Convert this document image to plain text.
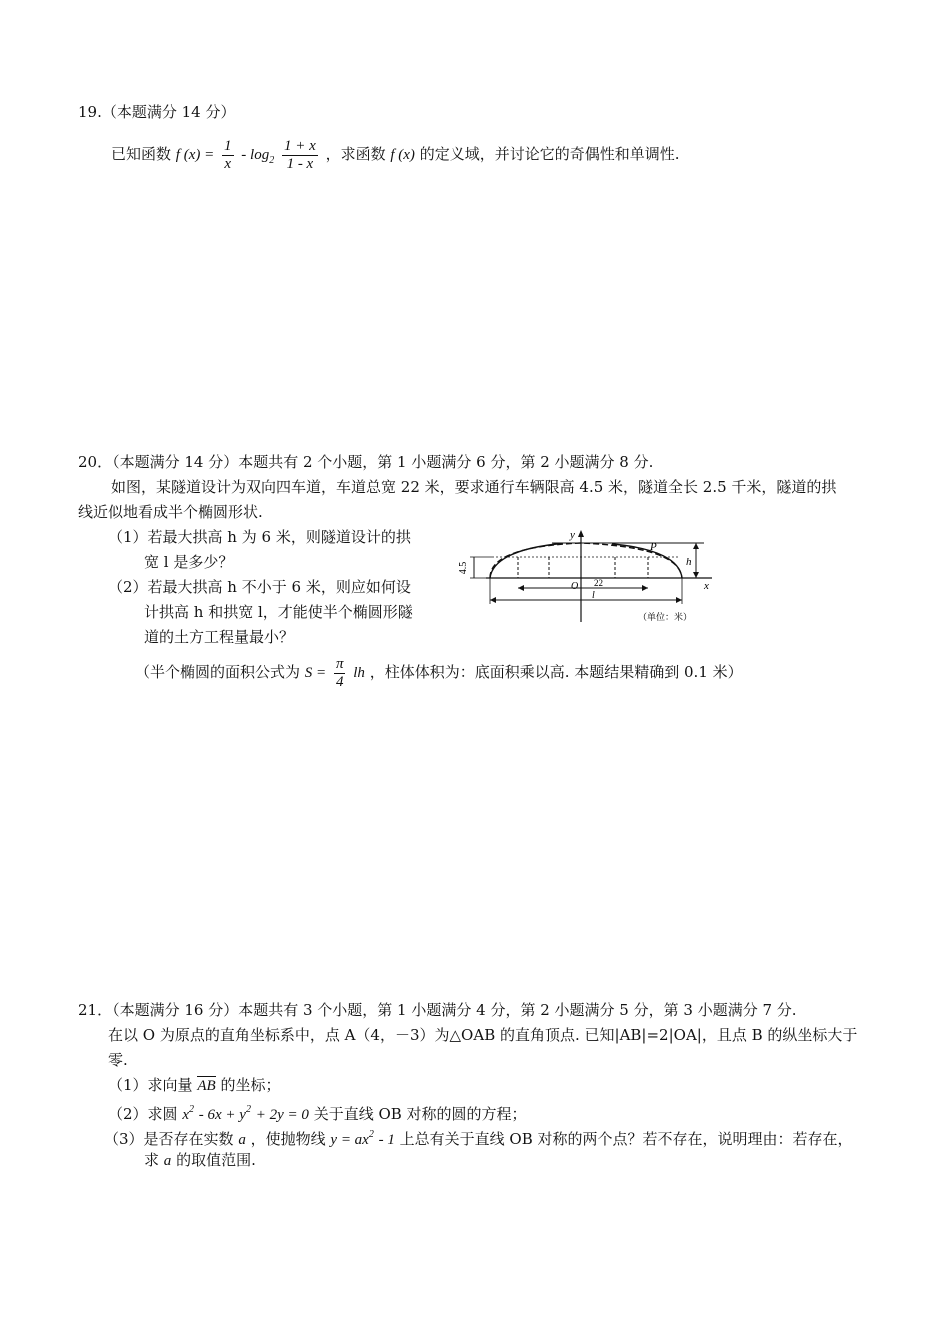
19.（本题满分 14 分）
已知函数 f $(x) = \frac{1}{x} - \log_2 \frac{1 + x}{1 - x}$ ，求函数 f (x) 的定义域，并讨论它的奇偶性和单调性.
20．（本题满分 14 分）本题共有 2 个小题，第 1 小题满分 6 分，第 2 小题满分 8 分.
如图，某隧道设计为双向四车道，车道总宽 22 米，要求通行车辆限高 4.5 米，隧道全长 2.5 千米，隧道的拱
线近似地看成半个椭圆形状.
（1）若最大拱高 h 为 6 米，则隧道设计的拱
宽 l 是多少？
（2）若最大拱高 h 不小于 6 米，则应如何设
计拱高 h 和拱宽 l，才能使半个椭圆形隧
道的土方工程量最小？
（半个椭圆的面积公式为 $S = \frac{\pi}{4}$ lh ，柱体体积为：底面积乘以高. 本题结果精确到 0.1 米）
4.5	h
x
y
P
O 22
l
（单位：米）
21．（本题满分 16 分）本题共有 3 个小题，第 1 小题满分 4 分，第 2 小题满分 5 分，第 3 小题满分 7 分.
在以 O 为原点的直角坐标系中，点 A（4，－3）为△OAB 的直角顶点. 已知|AB|=2|OA|，且点 B 的纵坐标大于
零.
（1）求向量 AB 的坐标；
（2）求圆 $x^2 - 6x + y^2 + 2y = 0$ 关于直线 OB 对称的圆的方程；
（3）是否存在实数 a ，使抛物线 $y = ax^2 - 1$ 上总有关于直线 OB 对称的两个点？若不存在，说明理由：若存在，
求 a 的取值范围.
